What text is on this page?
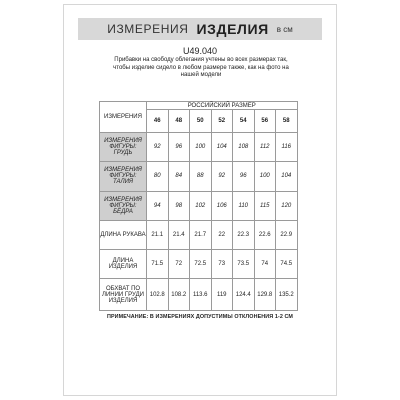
ИЗМЕРЕНИЯ ИЗДЕЛИЯ в см
U49.040
Прибавки на свободу облегания учтены во всех размерах так,
чтобы изделие сидело в любом размере также, как на фото на
нашей модели
ИЗМЕРЕНИЯ	РОССИЙСКИЙ РАЗМЕР						
	46	48	50	52	54	56	58
ИЗМЕРЕНИЯ ФИГУРЫ: ГРУДЬ	92	96	100	104	108	112	116
ИЗМЕРЕНИЯ ФИГУРЫ: ТАЛИЯ	80	84	88	92	96	100	104
ИЗМЕРЕНИЯ ФИГУРЫ: БЁДРА	94	98	102	106	110	115	120
ДЛИНА РУКАВА	21.1	21.4	21.7	22	22.3	22.6	22.9
ДЛИНА ИЗДЕЛИЯ	71.5	72	72.5	73	73.5	74	74.5
ОБХВАТ ПО ЛИНИИ ГРУДИ ИЗДЕЛИЯ	102.8	108.2	113.6	119	124.4	129.8	135.2
ПРИМЕЧАНИЕ: В ИЗМЕРЕНИЯХ ДОПУСТИМЫ ОТКЛОНЕНИЯ 1-2 СМ
